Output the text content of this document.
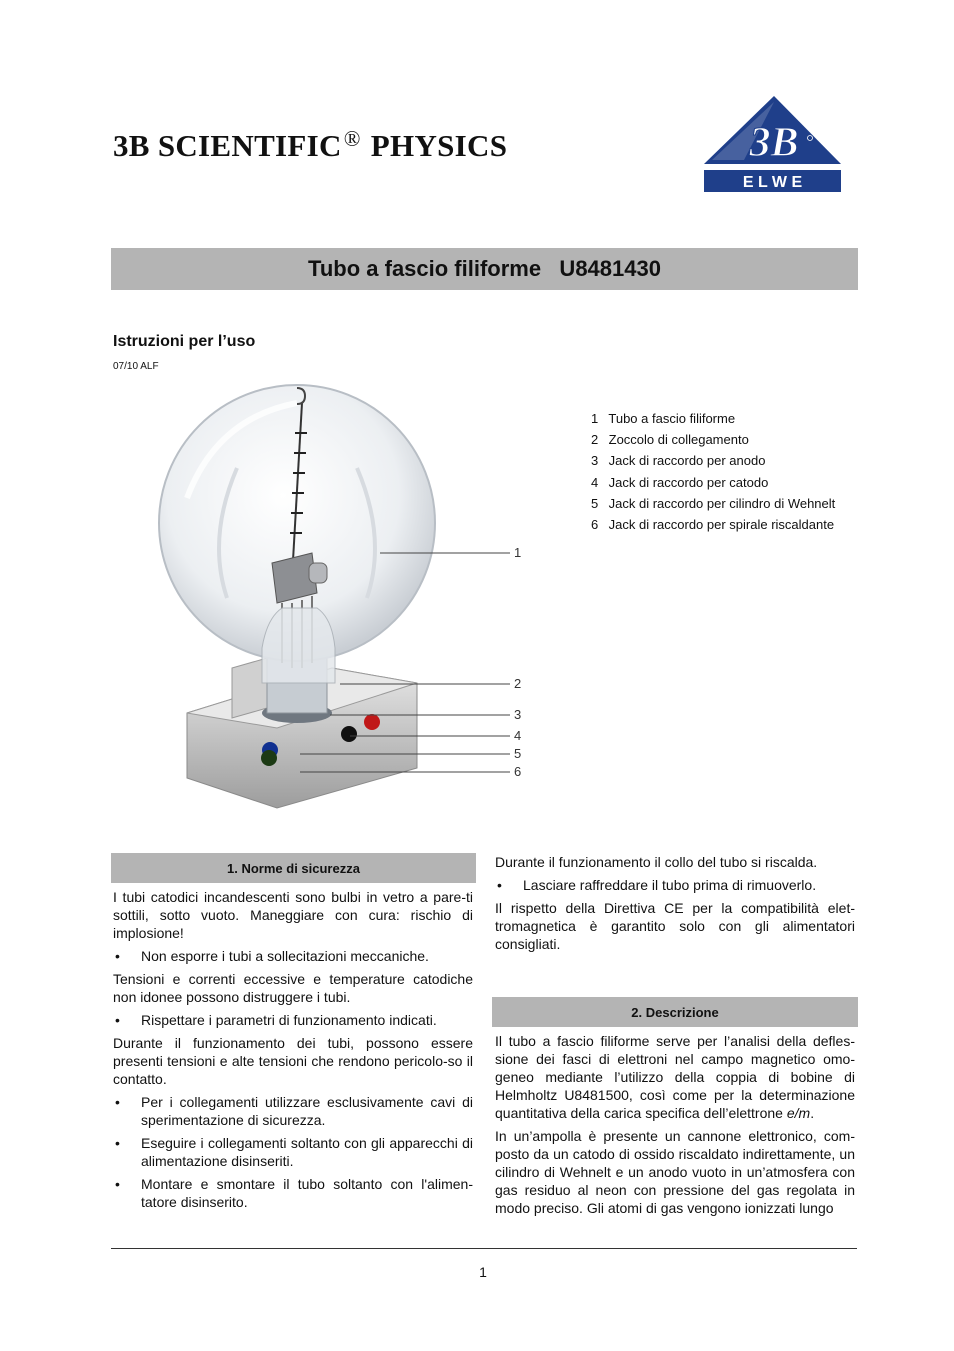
3B SCIENTIFIC® PHYSICS	3B
E L W E
Tubo a fascio filiforme   U8481430
Istruzioni per l’uso
07/10 ALF
1
2
3
4
5
6
1 Tubo a fascio filiforme
2 Zoccolo di collegamento
3 Jack di raccordo per anodo
4 Jack di raccordo per catodo
5 Jack di raccordo per cilindro di Wehnelt
6 Jack di raccordo per spirale riscaldante
1. Norme di sicurezza

I tubi catodici incandescenti sono bulbi in vetro a pare-ti sottili, sotto vuoto. Maneggiare con cura: rischio di implosione!

• Non esporre i tubi a sollecitazioni meccaniche.

Tensioni e correnti eccessive e temperature catodiche non idonee possono distruggere i tubi.

• Rispettare i parametri di funzionamento indicati.

Durante il funzionamento dei tubi, possono essere presenti tensioni e alte tensioni che rendono pericolo-so il contatto.

• Per i collegamenti utilizzare esclusivamente cavi di sperimentazione di sicurezza.
• Eseguire i collegamenti soltanto con gli apparecchi di alimentazione disinseriti.
• Montare e smontare il tubo soltanto con l'alimen-tatore disinserito.

Durante il funzionamento il collo del tubo si riscalda.

• Lasciare raffreddare il tubo prima di rimuoverlo.

Il rispetto della Direttiva CE per la compatibilità elet-tromagnetica è garantito solo con gli alimentatori consigliati.

2. Descrizione

Il tubo a fascio filiforme serve per l’analisi della defles-sione dei fasci di elettroni nel campo magnetico omo-geneo mediante l’utilizzo della coppia di bobine di Helmholtz U8481500, così come per la determinazione quantitativa della carica specifica dell’elettrone e/m.

In un’ampolla è presente un cannone elettronico, com-posto da un catodo di ossido riscaldato indirettamente, un cilindro di Wehnelt e un anodo vuoto in un’atmosfera con gas residuo al neon con pressione del gas regolata in modo preciso. Gli atomi di gas vengono ionizzati lungo

1
